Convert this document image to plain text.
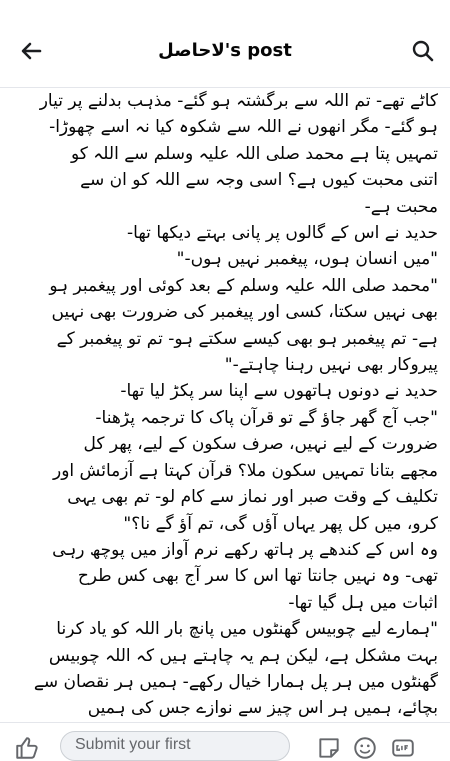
لاحاصل's post

کاٹے تھے- تم اللہ سے برگشتہ ہو گئے- مذہب بدلنے پر تیار

ہو گئے- مگر انھوں نے اللہ سے شکوہ کیا نہ اسے چھوڑا-

تمہیں پتا ہے محمد صلی اللہ علیہ وسلم سے اللہ کو

اتنی محبت کیوں ہے؟ اسی وجہ سے اللہ کو ان سے

محبت ہے-

حدید نے اس کے گالوں پر پانی بہتے دیکھا تھا-

"میں انسان ہوں، پیغمبر نہیں ہوں-"

"محمد صلی اللہ علیہ وسلم کے بعد کوئی اور پیغمبر ہو

بھی نہیں سکتا، کسی اور پیغمبر کی ضرورت بھی نہیں

ہے- تم پیغمبر ہو بھی کیسے سکتے ہو- تم تو پیغمبر کے

پیروکار بھی نہیں رہنا چاہتے-"

حدید نے دونوں ہاتھوں سے اپنا سر پکڑ لیا تھا-

"جب آج گھر جاؤ گے تو قرآن پاک کا ترجمہ پڑھنا-

ضرورت کے لیے نہیں، صرف سکون کے لیے، پھر کل

مجھے بتانا تمہیں سکون ملا؟ قرآن کہتا ہے آزمائش اور

تکلیف کے وقت صبر اور نماز سے کام لو- تم بھی یہی

کرو، میں کل پھر یہاں آؤں گی، تم آؤ گے نا؟"

وہ اس کے کندھے پر ہاتھ رکھے نرم آواز میں پوچھ رہی

تھی- وہ نہیں جانتا تھا اس کا سر آج بھی کس طرح

اثبات میں ہل گیا تھا-

"ہمارے لیے چوبیس گھنٹوں میں پانچ بار اللہ کو یاد کرنا

بہت مشکل ہے، لیکن ہم یہ چاہتے ہیں کہ اللہ چوبیس

گھنٹوں میں ہر پل ہمارا خیال رکھے- ہمیں ہر نقصان سے

بچائے، ہمیں ہر اس چیز سے نوازے جس کی ہمیں

Submit your first
